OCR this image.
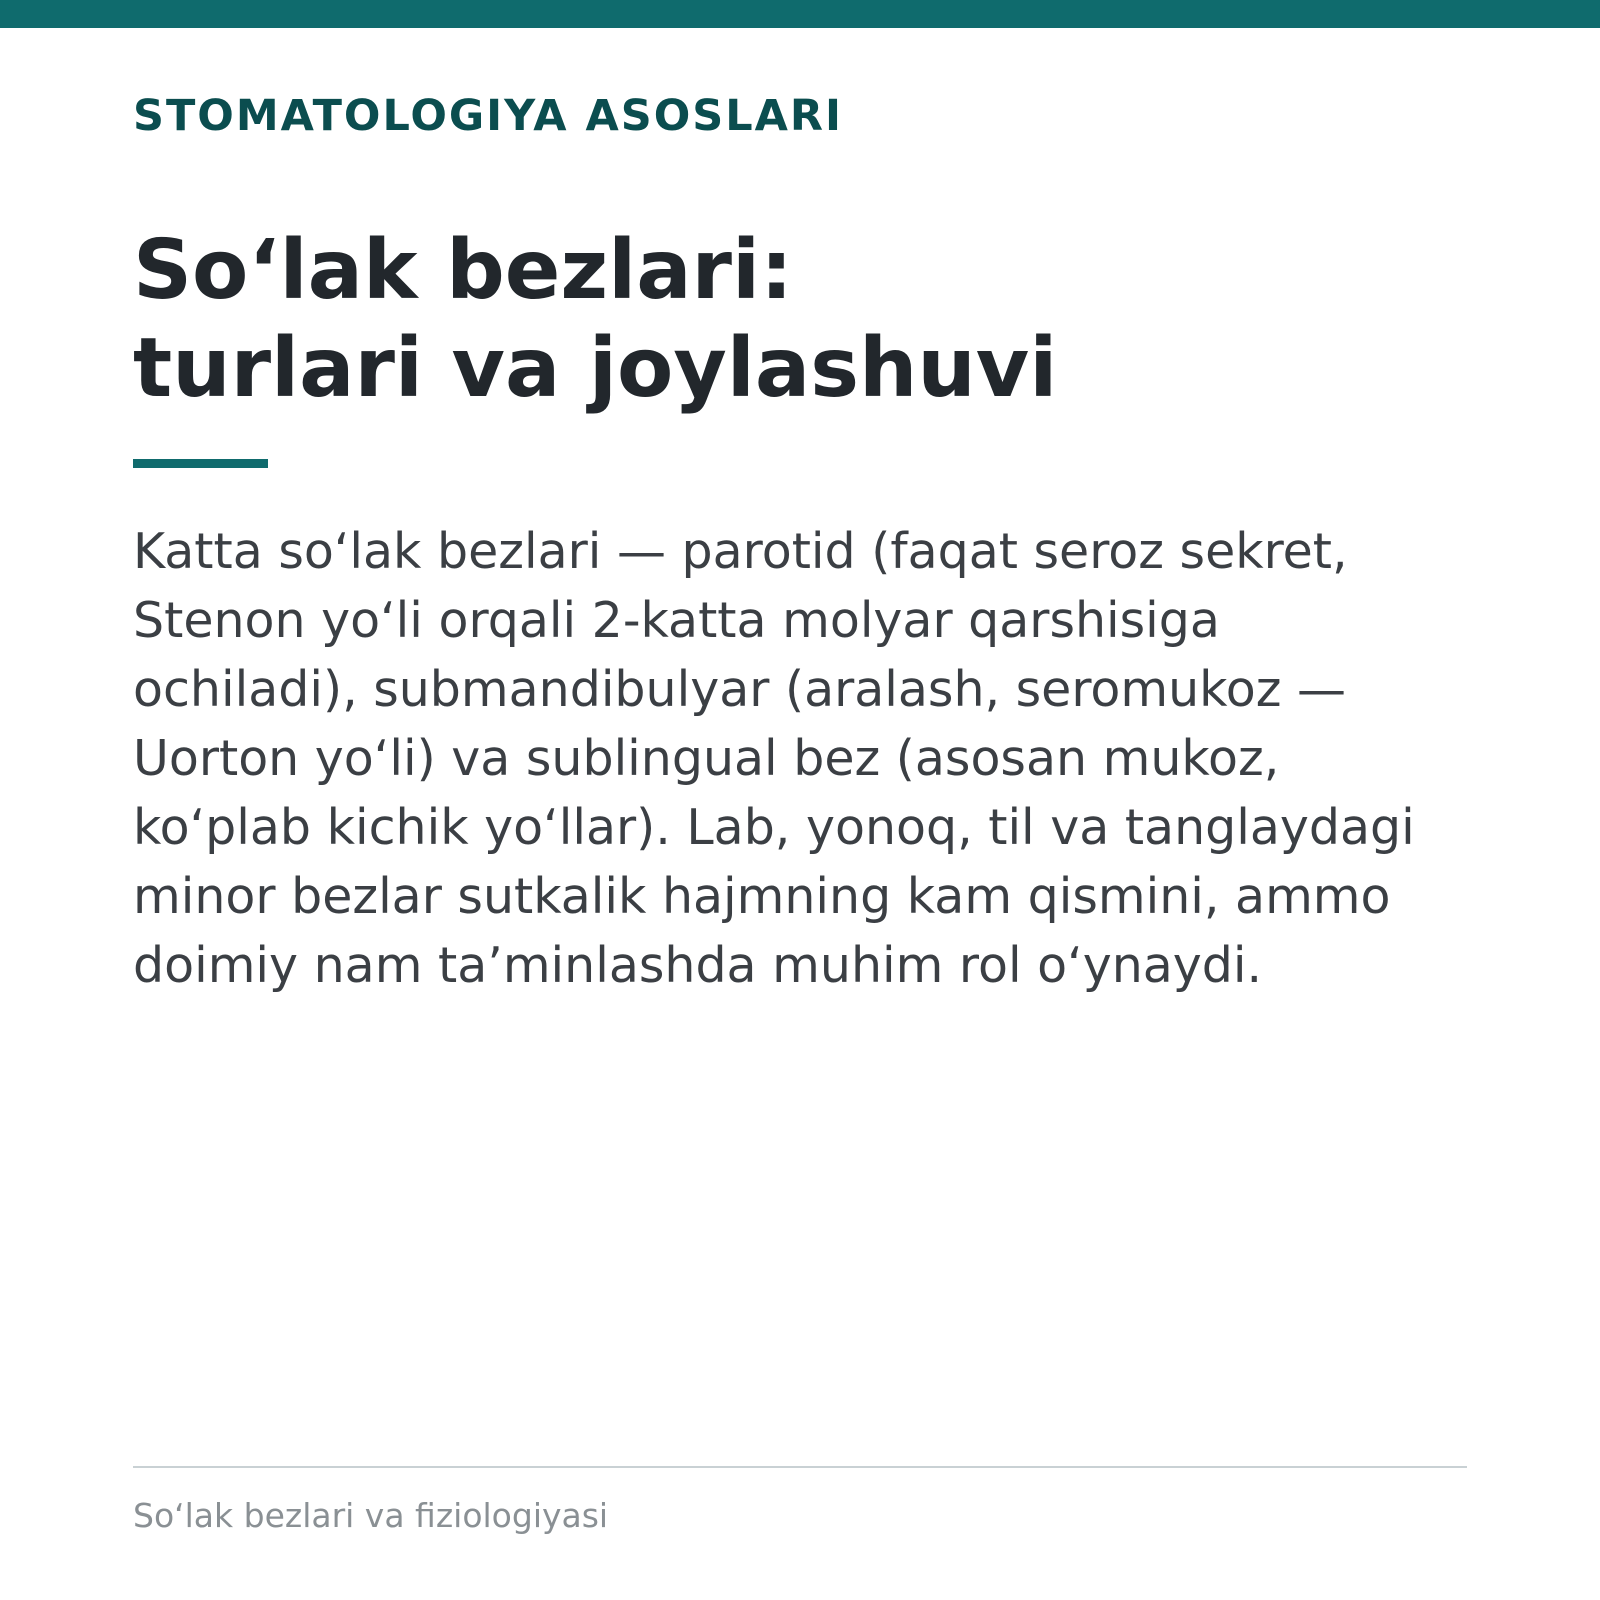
STOMATOLOGIYA ASOSLARI

So‘lak bezlari:
turlari va joylashuvi

Katta so‘lak bezlari — parotid (faqat seroz sekret,
Stenon yo‘li orqali 2-katta molyar qarshisiga
ochiladi), submandibulyar (aralash, seromukoz —
Uorton yo‘li) va sublingual bez (asosan mukoz,
ko‘plab kichik yo‘llar). Lab, yonoq, til va tanglaydagi
minor bezlar sutkalik hajmning kam qismini, ammo
doimiy nam ta’minlashda muhim rol o‘ynaydi.

So‘lak bezlari va fiziologiyasi
